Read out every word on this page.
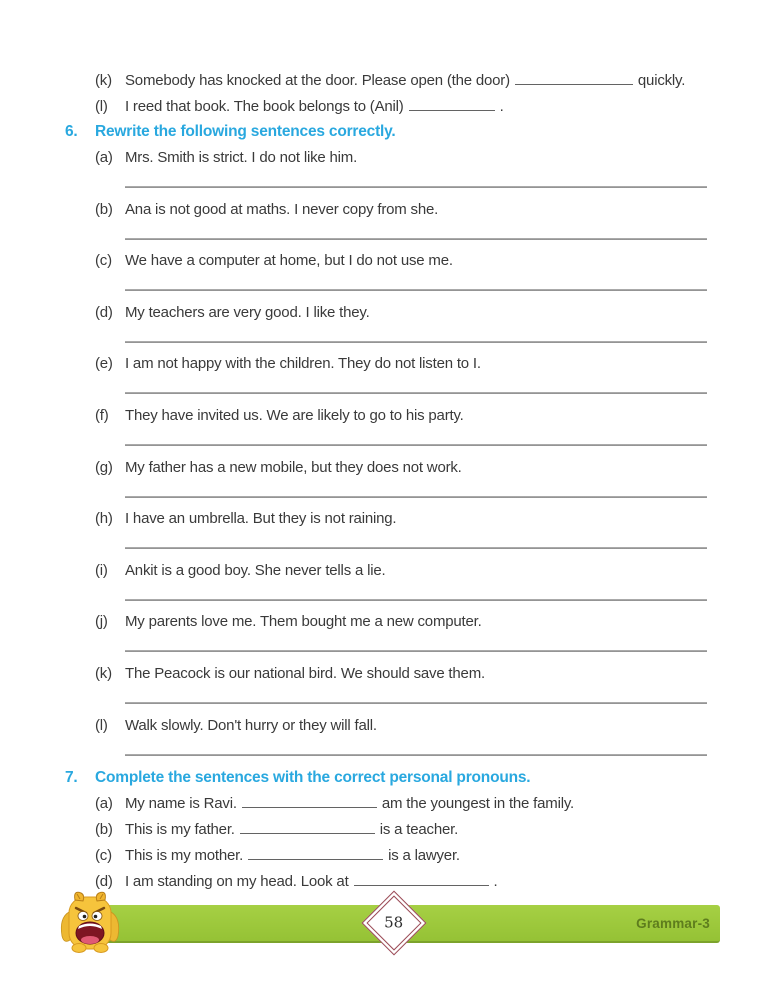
(k) Somebody has knocked at the door. Please open (the door)	quickly.
(l)	I reed that book. The book belongs to (Anil)	.
6.	Rewrite the following sentences correctly.
(a) Mrs. Smith is strict. I do not like him.
(b) Ana is not good at maths. I never copy from she.
(c) We have a computer at home, but I do not use me.
(d) My teachers are very good. I like they.
(e) I am not happy with the children. They do not listen to I.
(f)	They have invited us. We are likely to go to his party.
(g) My father has a new mobile, but they does not work.
(h) I have an umbrella. But they is not raining.
(i)	Ankit is a good boy. She never tells a lie.
(j)	My parents love me. Them bought me a new computer.
(k) The Peacock is our national bird. We should save them.
(l)	Walk slowly. Don't hurry or they will fall.
7.	Complete the sentences with the correct personal pronouns.
(a) My name is Ravi.	am the youngest in the family.
(b) This is my father.	is a teacher.
(c) This is my mother.	is a lawyer.
(d) I am standing on my head. Look at	.
Grammar-3
58
